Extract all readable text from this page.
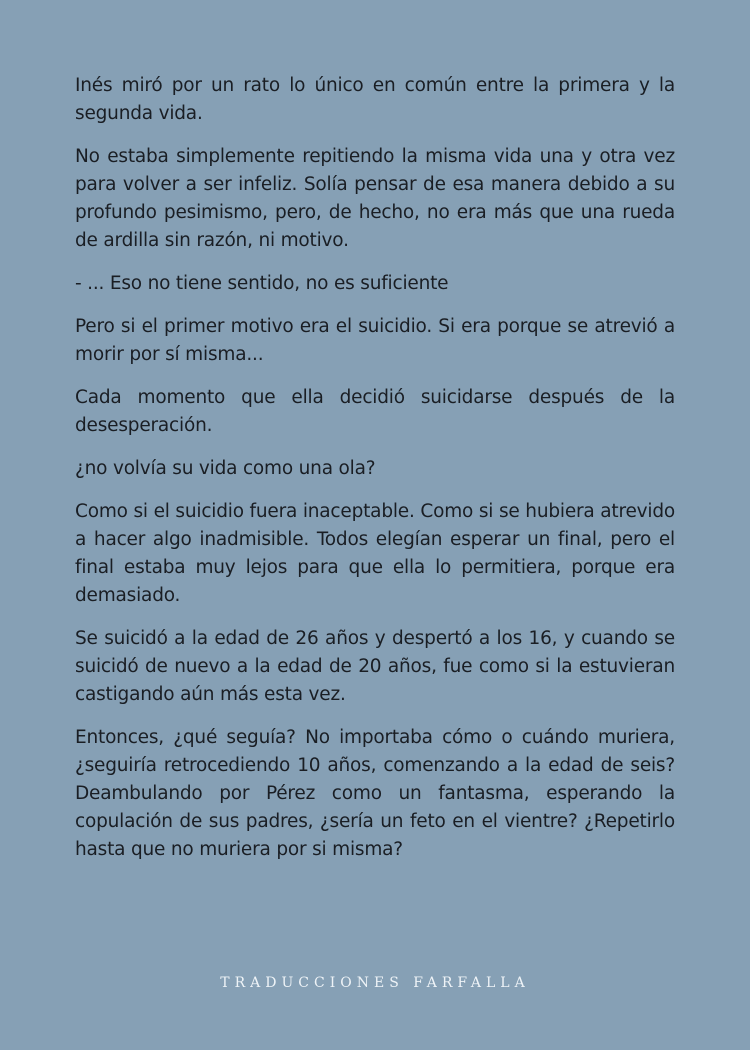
Inés miró por un rato lo único en común entre la primera y la segunda vida.

No estaba simplemente repitiendo la misma vida una y otra vez para volver a ser infeliz. Solía pensar de esa manera debido a su profundo pesimismo, pero, de hecho, no era más que una rueda de ardilla sin razón, ni motivo.

- ... Eso no tiene sentido, no es suficiente

Pero si el primer motivo era el suicidio. Si era porque se atrevió a morir por sí misma...

Cada momento que ella decidió suicidarse después de la desesperación.

¿no volvía su vida como una ola?

Como si el suicidio fuera inaceptable. Como si se hubiera atrevido a hacer algo inadmisible. Todos elegían esperar un final, pero el final estaba muy lejos para que ella lo permitiera, porque era demasiado.

Se suicidó a la edad de 26 años y despertó a los 16, y cuando se suicidó de nuevo a la edad de 20 años, fue como si la estuvieran castigando aún más esta vez.

Entonces, ¿qué seguía? No importaba cómo o cuándo muriera, ¿seguiría retrocediendo 10 años, comenzando a la edad de seis? Deambulando por Pérez como un fantasma, esperando la copulación de sus padres, ¿sería un feto en el vientre? ¿Repetirlo hasta que no muriera por si misma?

TRADUCCIONES FARFALLA
